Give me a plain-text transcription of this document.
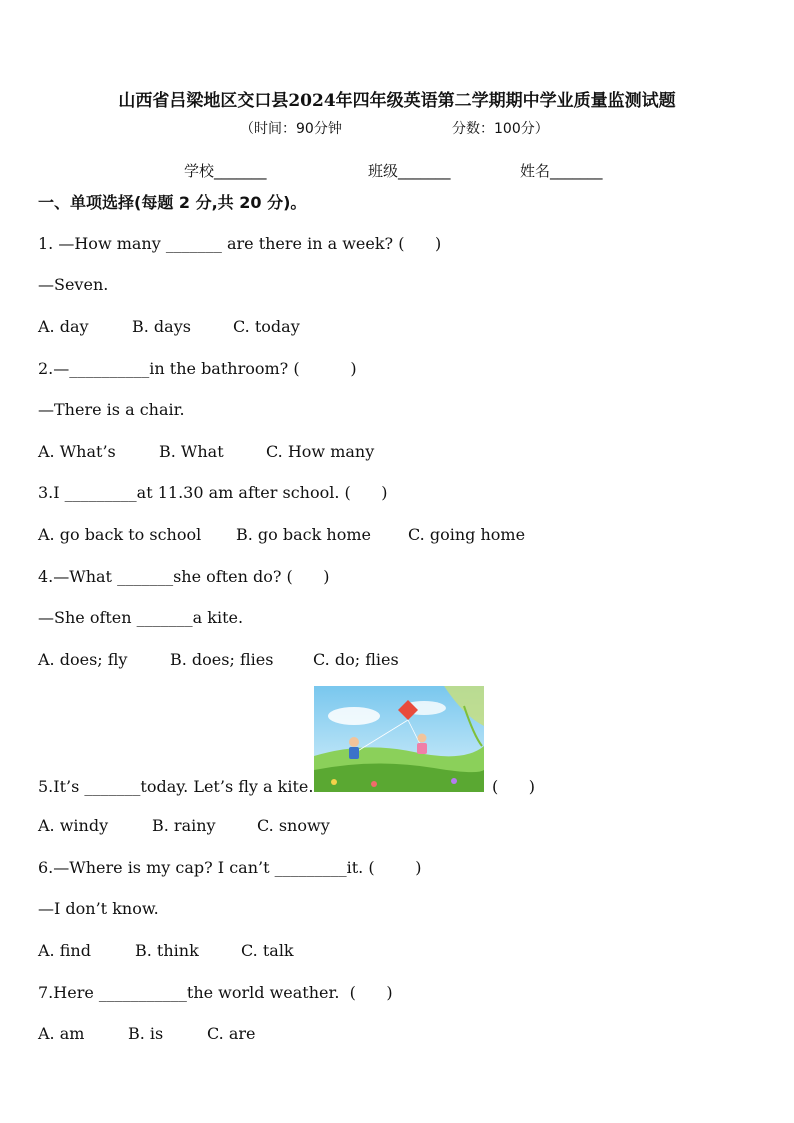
山西省吕梁地区交口县2024年四年级英语第二学期期中学业质量监测试题
（时间：90分钟	分数：100分）
学校_______	班级_______	姓名_______
一、单项选择(每题 2 分,共 20 分)。
1. —How many _______ are there in a week? (      )
—Seven.
A. day	B. days	C. today
2.—__________in the bathroom? (          )
—There is a chair.
A. What’s	B. What	C. How many
3.I _________at 11.30 am after school. (      )
A. go back to school B. go back home C. going home
4.—What _______she often do? (      )
—She often _______a kite.
A. does; fly	B. does; flies C. do; flies
5.It’s _______today. Let’s fly a kite.	(      )
A. windy	B. rainy	C. snowy
6.—Where is my cap? I can’t _________it. (        )
—I don’t know.
A. find	B. think	C. talk
7.Here ___________the world weather.  (      )
A. am	B. is	C. are
